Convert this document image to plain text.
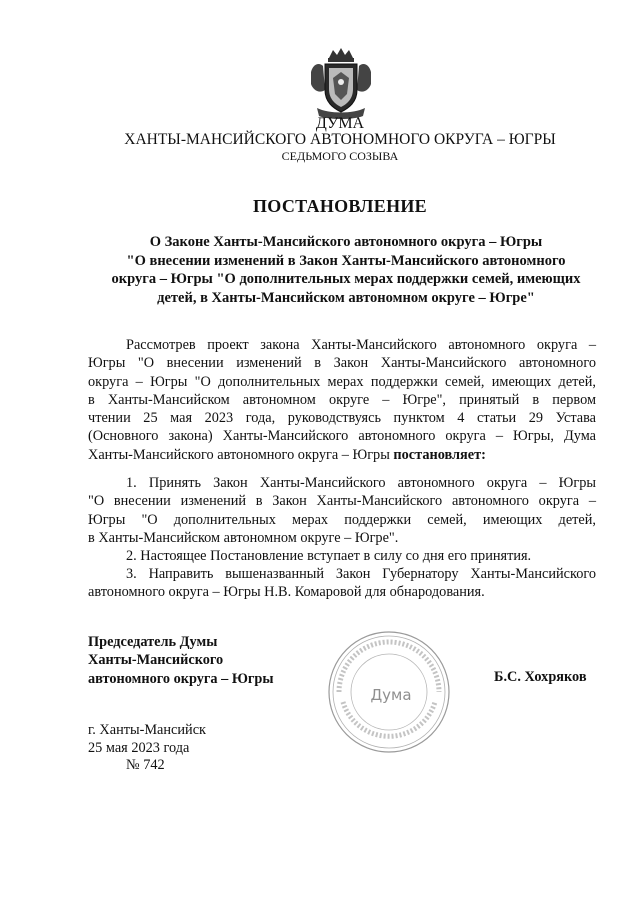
ДУМА
ХАНТЫ-МАНСИЙСКОГО АВТОНОМНОГО ОКРУГА – ЮГРЫ
СЕДЬМОГО СОЗЫВА
ПОСТАНОВЛЕНИЕ
О Законе Ханты-Мансийского автономного округа – Югры
"О внесении изменений в Закон Ханты-Мансийского автономного
округа – Югры "О дополнительных мерах поддержки семей, имеющих
детей, в Ханты-Мансийском автономном округе – Югре"
Рассмотрев проект закона Ханты-Мансийского автономного округа –
Югры "О внесении изменений в Закон Ханты-Мансийского автономного
округа – Югры "О дополнительных мерах поддержки семей, имеющих детей,
в Ханты-Мансийском автономном округе – Югре", принятый в первом
чтении 25 мая 2023 года, руководствуясь пунктом 4 статьи 29 Устава
(Основного закона) Ханты-Мансийского автономного округа – Югры, Дума
Ханты-Мансийского автономного округа – Югры постановляет:
1. Принять Закон Ханты-Мансийского автономного округа – Югры
"О внесении изменений в Закон Ханты-Мансийского автономного округа –
Югры "О дополнительных мерах поддержки семей, имеющих детей,
в Ханты-Мансийском автономном округе – Югре".
2. Настоящее Постановление вступает в силу со дня его принятия.
3. Направить вышеназванный Закон Губернатору Ханты-Мансийского
автономного округа – Югры Н.В. Комаровой для обнародования.
Председатель Думы
Ханты-Мансийского
автономного округа – Югры
Дума
Б.С. Хохряков
г. Ханты-Мансийск
25 мая 2023 года
№ 742
